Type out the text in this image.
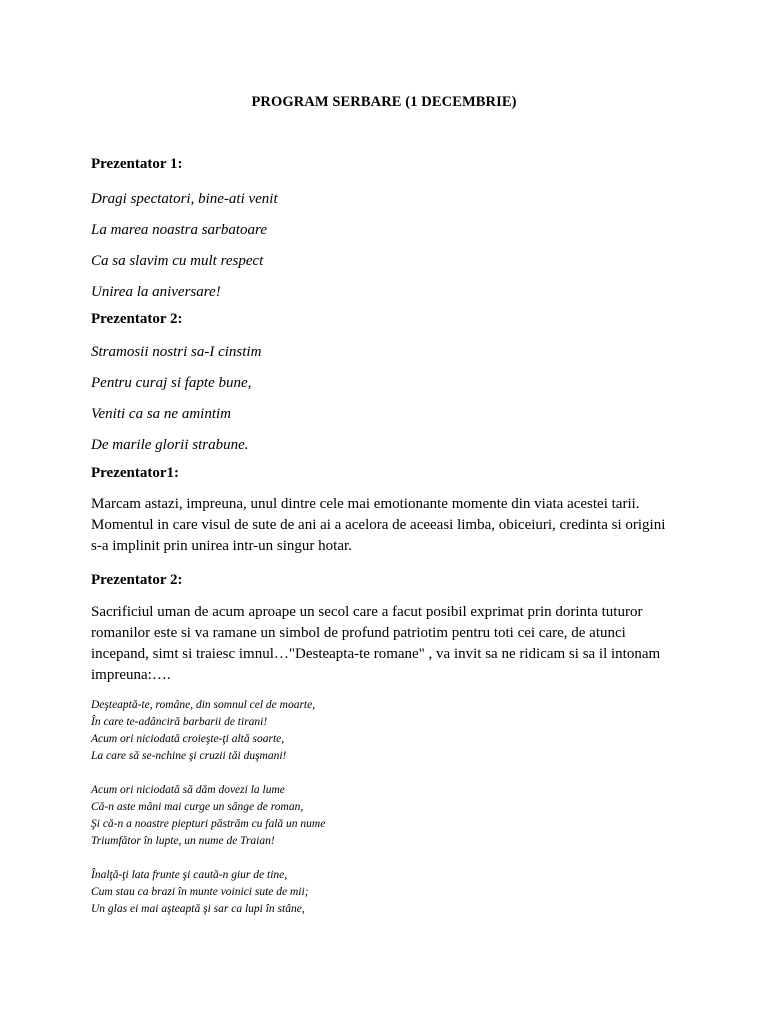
PROGRAM SERBARE (1 DECEMBRIE)

Prezentator 1:

Dragi spectatori, bine-ati venit

La marea noastra sarbatoare

Ca sa slavim cu mult respect

Unirea la aniversare!

Prezentator 2:

Stramosii nostri sa-I cinstim

Pentru curaj si fapte bune,

Veniti ca sa ne amintim

De marile glorii strabune.

Prezentator1:

Marcam astazi, impreuna, unul dintre cele mai emotionante momente din viata acestei tarii. Momentul in care visul de sute de ani ai a acelora de aceeasi limba, obiceiuri, credinta si origini s-a implinit prin unirea intr-un singur hotar.

Prezentator 2:

Sacrificiul uman de acum aproape un secol care a facut posibil exprimat prin dorinta tuturor romanilor este si va ramane un simbol de profund patriotim pentru toti cei care, de atunci incepand, simt si traiesc imnul…"Desteapta-te romane" , va invit sa ne ridicam si sa il intonam impreuna:….

Deşteaptă-te, române, din somnul cel de moarte,

În care te-adânciră barbarii de tirani!

Acum ori niciodată croieşte-ţi altă soarte,

La care să se-nchine şi cruzii tăi duşmani!

Acum ori niciodată să dăm dovezi la lume

Că-n aste mâni mai curge un sânge de roman,

Şi că-n a noastre piepturi păstrăm cu falǎ un nume

Triumfător în lupte, un nume de Traian!

Înalţă-ţi lata frunte şi cautǎ-n giur de tine,

Cum stau ca brazi în munte voinici sute de mii;

Un glas ei mai aşteaptă şi sar ca lupi în stâne,
